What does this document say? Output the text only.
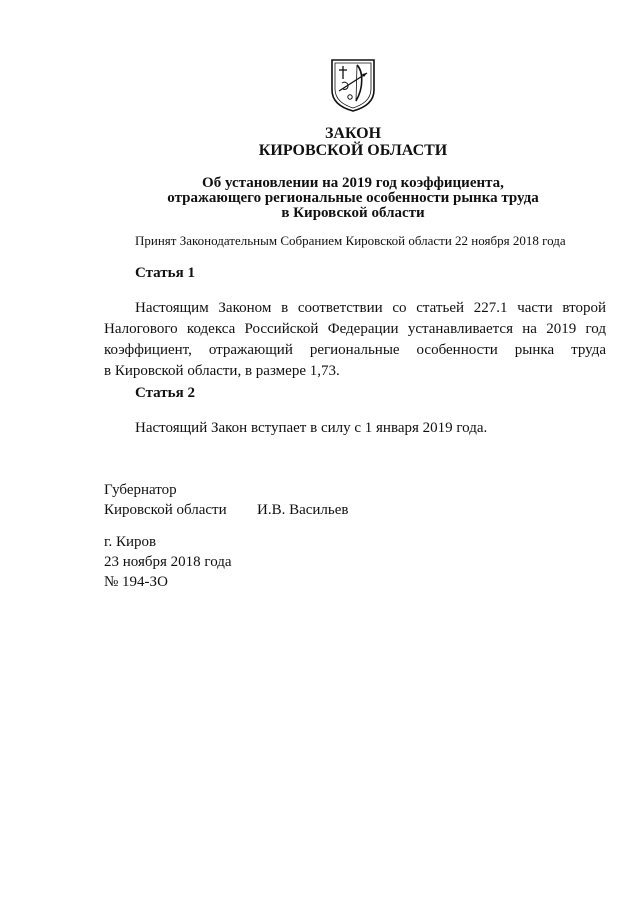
ЗАКОН
КИРОВСКОЙ ОБЛАСТИ
Об установлении на 2019 год коэффициента,
отражающего региональные особенности рынка труда
в Кировской области
Принят Законодательным Собранием Кировской области 22 ноября 2018 года
Статья 1
Настоящим Законом в соответствии со статьей 227.1 части второй
Налогового кодекса Российской Федерации устанавливается на 2019 год
коэффициент, отражающий региональные особенности рынка труда
в Кировской области, в размере 1,73.
Статья 2
Настоящий Закон вступает в силу с 1 января 2019 года.
Губернатор
Кировской области И.В. Васильев
г. Киров
23 ноября 2018 года
№ 194-ЗО
